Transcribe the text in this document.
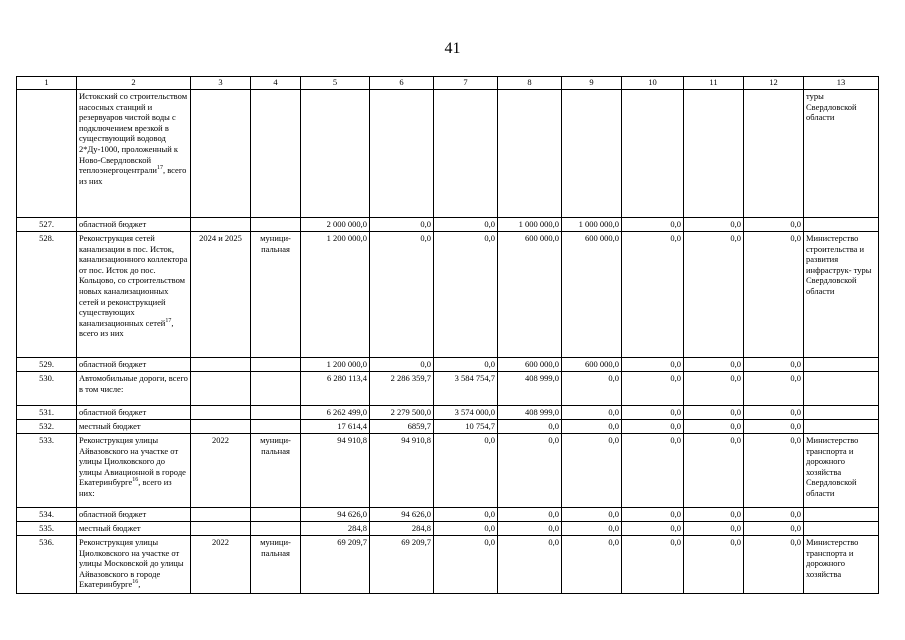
41
1	2	3	4	5	6	7	8	9	10	11	12	13
	Истокский со строительством насосных станций и резервуаров чистой воды с подключением врезкой в существующий водовод 2*Ду-1000, проложенный к Ново-Свердловской теплоэнергоцентрали$^{17}$, всего из них											туры Свердловской области
527.	областной бюджет			2 000 000,0	0,0	0,0	1 000 000,0	1 000 000,0	0,0	0,0	0,0	
528.	Реконструкция сетей канализации в пос. Исток, канализационного коллектора от пос. Исток до пос. Кольцово, со строительством новых канализационных сетей и реконструкцией существующих канализационных сетей$^{17}$, всего из них	2024 и 2025	муници- пальная	1 200 000,0	0,0	0,0	600 000,0	600 000,0	0,0	0,0	0,0	Министерство строительства и развития инфраструк- туры Свердловской области
529.	областной бюджет			1 200 000,0	0,0	0,0	600 000,0	600 000,0	0,0	0,0	0,0	
530.	Автомобильные дороги, всего в том числе:			6 280 113,4	2 286 359,7	3 584 754,7	408 999,0	0,0	0,0	0,0	0,0	
531.	областной бюджет			6 262 499,0	2 279 500,0	3 574 000,0	408 999,0	0,0	0,0	0,0	0,0	
532.	местный бюджет			17 614,4	6859,7	10 754,7	0,0	0,0	0,0	0,0	0,0	
533.	Реконструкция улицы Айвазовского на участке от улицы Циолковского до улицы Авиационной в городе Екатеринбурге$^{16}$, всего из них:	2022	муници- пальная	94 910,8	94 910,8	0,0	0,0	0,0	0,0	0,0	0,0	Министерство транспорта и дорожного хозяйства Свердловской области
534.	областной бюджет			94 626,0	94 626,0	0,0	0,0	0,0	0,0	0,0	0,0	
535.	местный бюджет			284,8	284,8	0,0	0,0	0,0	0,0	0,0	0,0	
536.	Реконструкция улицы Циолковского на участке от улицы Московской до улицы Айвазовского в городе Екатеринбурге$^{16}$,	2022	муници- пальная	69 209,7	69 209,7	0,0	0,0	0,0	0,0	0,0	0,0	Министерство транспорта и дорожного хозяйства
